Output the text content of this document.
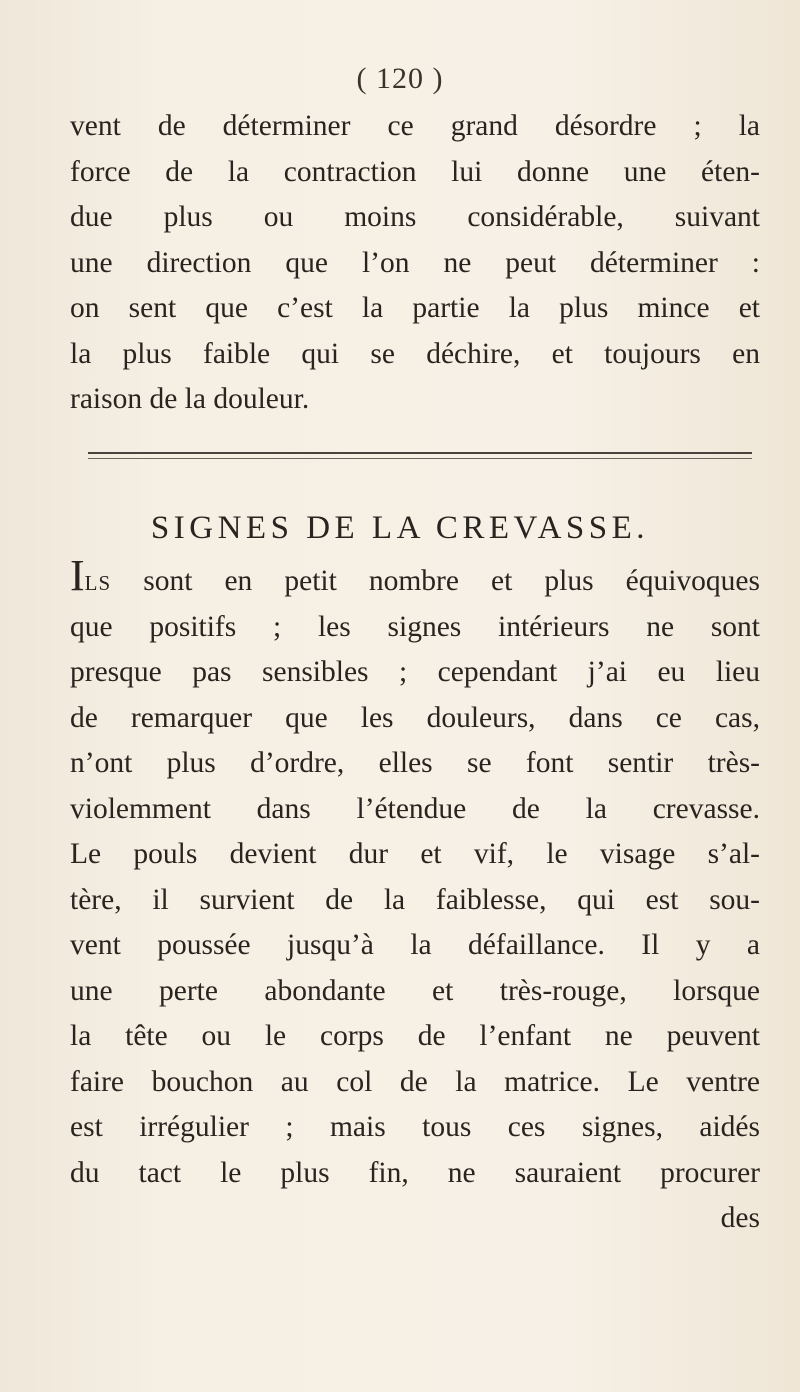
( 120 )
vent de déterminer ce grand désordre ; la
force de la contraction lui donne une éten-
due plus ou moins considérable, suivant
une direction que l’on ne peut déterminer :
on sent que c’est la partie la plus mince et
la plus faible qui se déchire, et toujours en
raison de la douleur.
SIGNES DE LA CREVASSE.
Ils sont en petit nombre et plus équivoques
que positifs ; les signes intérieurs ne sont
presque pas sensibles ; cependant j’ai eu lieu
de remarquer que les douleurs, dans ce cas,
n’ont plus d’ordre, elles se font sentir très-
violemment dans l’étendue de la crevasse.
Le pouls devient dur et vif, le visage s’al-
tère, il survient de la faiblesse, qui est sou-
vent poussée jusqu’à la défaillance. Il y a
une perte abondante et très-rouge, lorsque
la tête ou le corps de l’enfant ne peuvent
faire bouchon au col de la matrice. Le ventre
est irrégulier ; mais tous ces signes, aidés
du tact le plus fin, ne sauraient procurer
des
